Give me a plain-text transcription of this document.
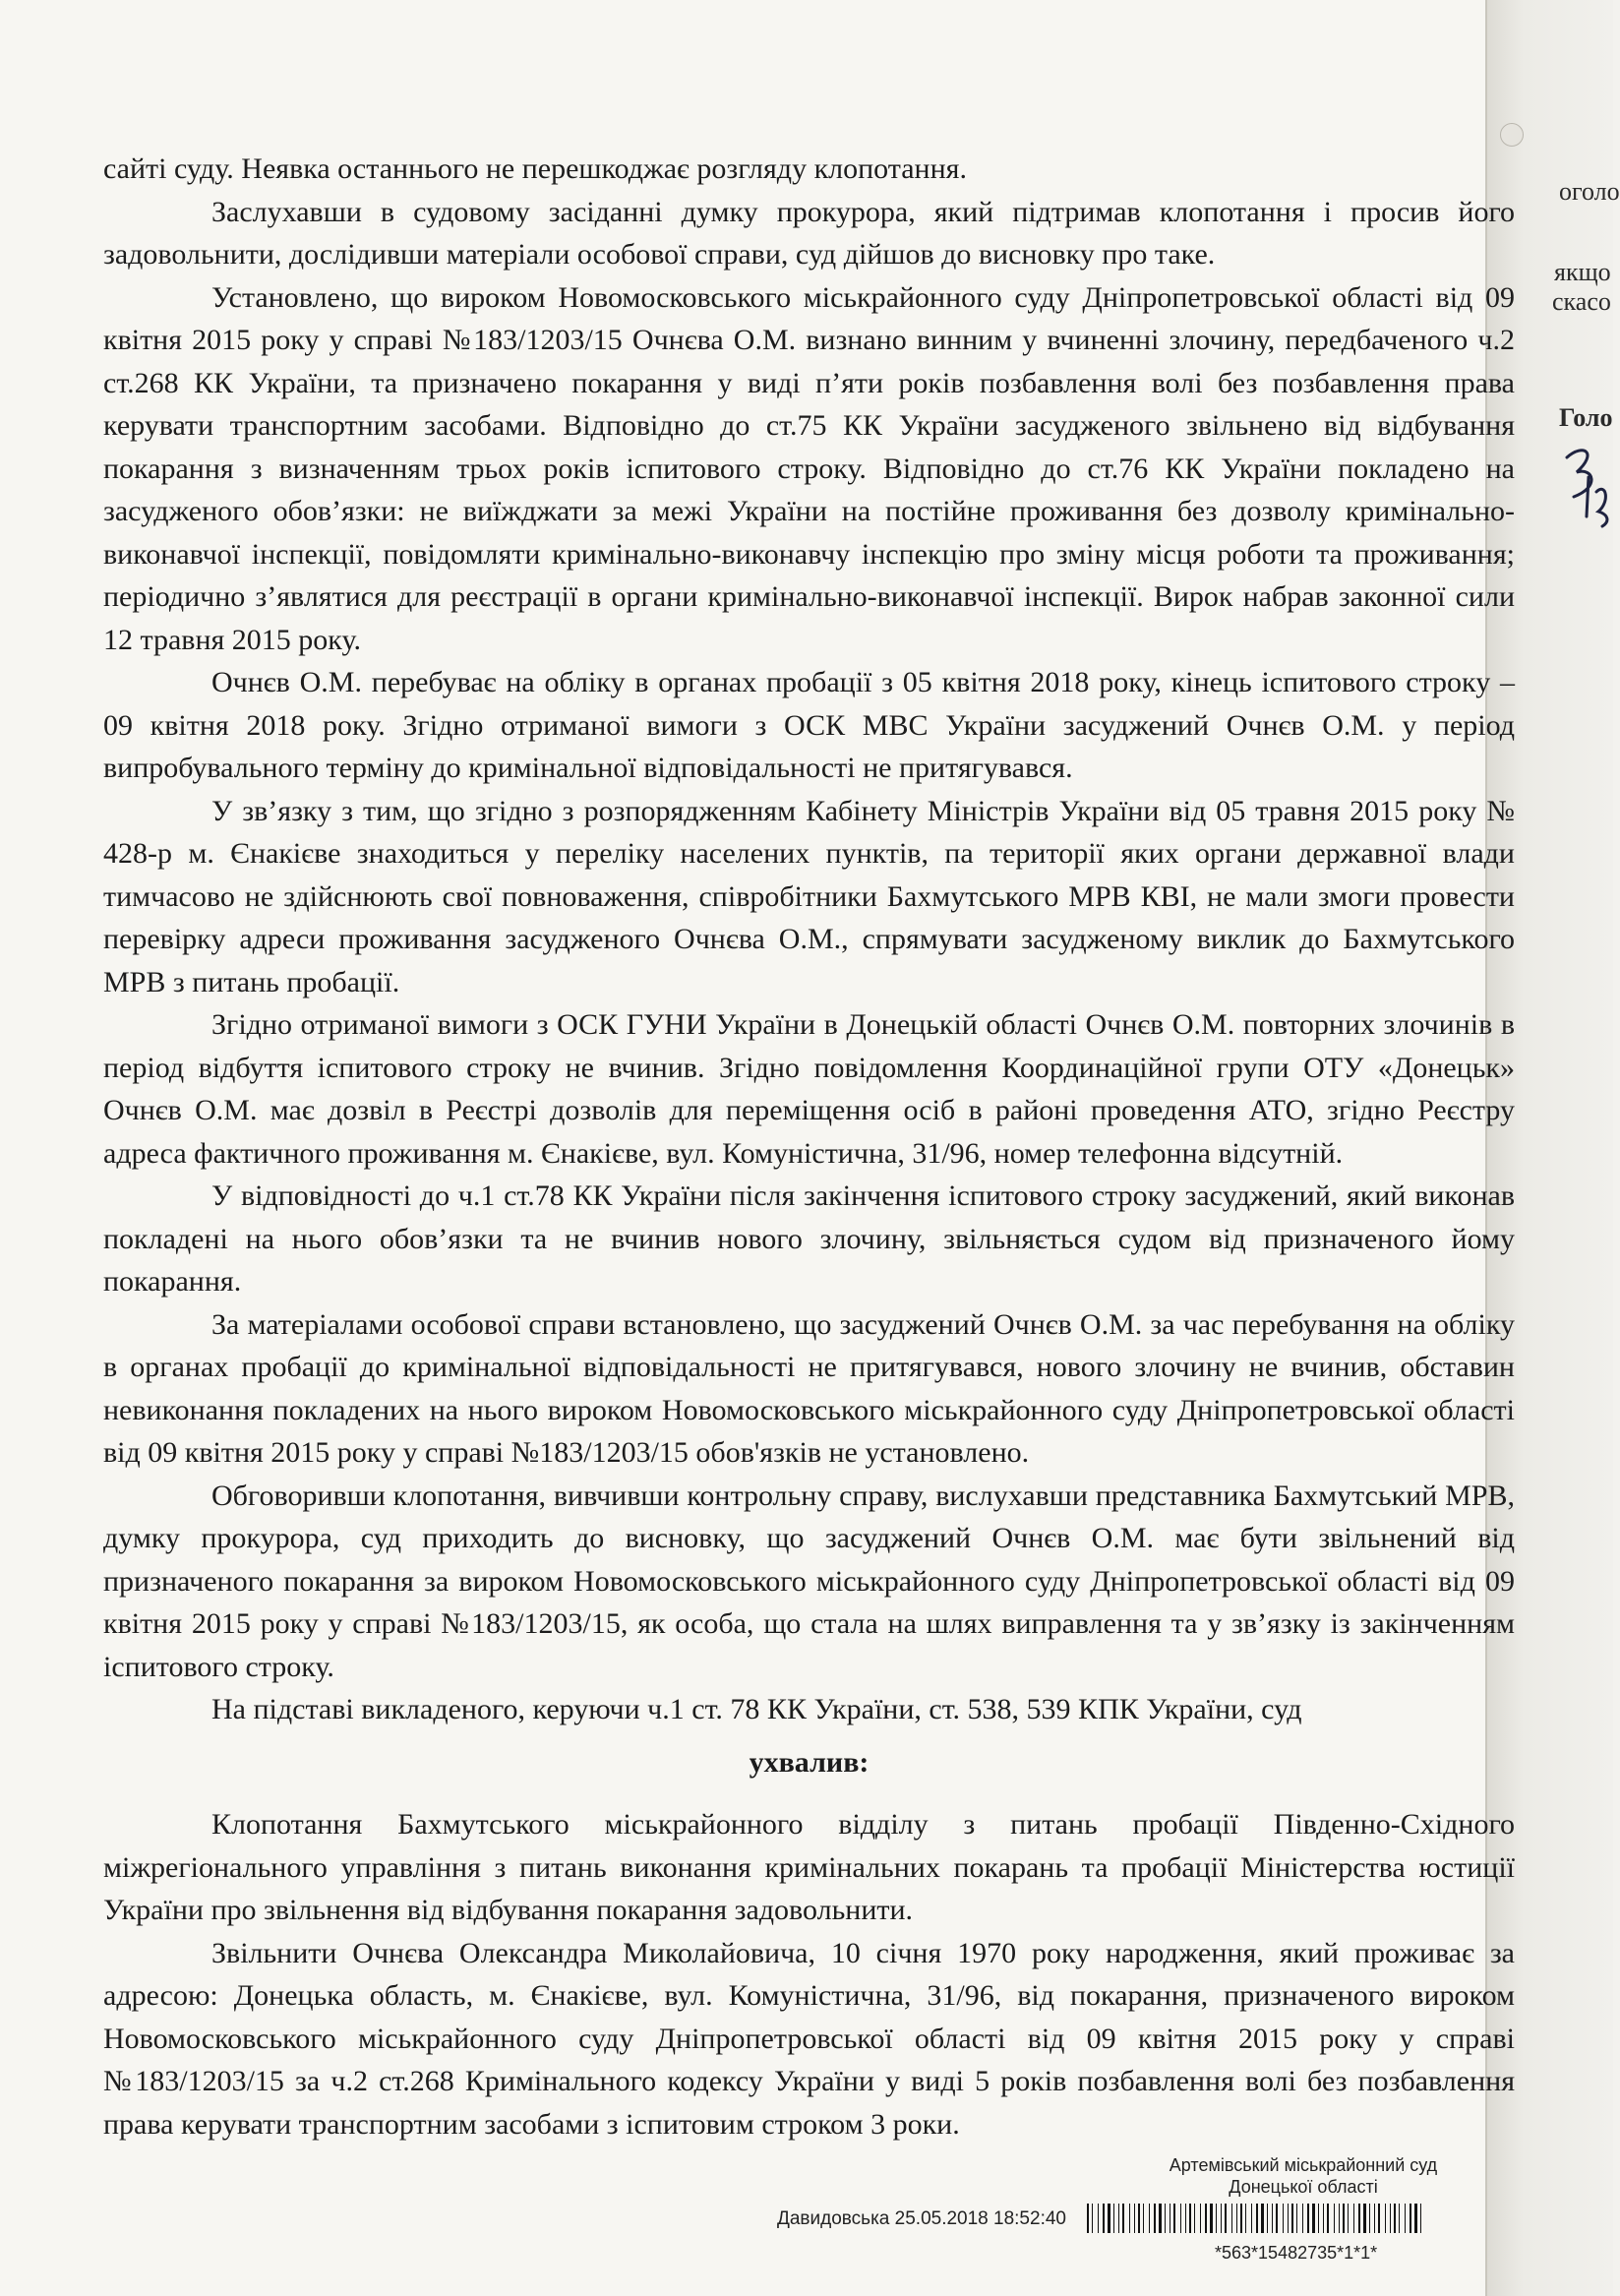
оголо
якщо
скасо
Голо

сайті суду. Неявка останнього не перешкоджає розгляду клопотання.

Заслухавши в судовому засіданні думку прокурора, який підтримав клопотання і просив його задовольнити, дослідивши матеріали особової справи, суд дійшов до висновку про таке.

Установлено, що вироком Новомосковського міськрайонного суду Дніпропетровської області від 09 квітня 2015 року у справі №183/1203/15 Очнєва О.М. визнано винним у вчиненні злочину, передбаченого ч.2 ст.268 КК України, та призначено покарання у виді п’яти років позбавлення волі без позбавлення права керувати транспортним засобами. Відповідно до ст.75 КК України засудженого звільнено від відбування покарання з визначенням трьох років іспитового строку. Відповідно до ст.76 КК України покладено на засудженого обов’язки: не виїжджати за межі України на постійне проживання без дозволу кримінально-виконавчої інспекції, повідомляти кримінально-виконавчу інспекцію про зміну місця роботи та проживання; періодично з’являтися для реєстрації в органи кримінально-виконавчої інспекції. Вирок набрав законної сили 12 травня 2015 року.

Очнєв О.М. перебуває на обліку в органах пробації з 05 квітня 2018 року, кінець іспитового строку – 09 квітня 2018 року. Згідно отриманої вимоги з ОСК МВС України засуджений Очнєв О.М. у період випробувального терміну до кримінальної відповідальності не притягувався.

У зв’язку з тим, що згідно з розпорядженням Кабінету Міністрів України від 05 травня 2015 року № 428-р м. Єнакієве знаходиться у переліку населених пунктів, па території яких органи державної влади тимчасово не здійснюють свої повноваження, співробітники Бахмутського МРВ КВІ, не мали змоги провести перевірку адреси проживання засудженого Очнєва О.М., спрямувати засудженому виклик до Бахмутського МРВ з питань пробації.

Згідно отриманої вимоги з ОСК ГУНИ України в Донецькій області Очнєв О.М. повторних злочинів в період відбуття іспитового строку не вчинив. Згідно повідомлення Координаційної групи ОТУ «Донецьк» Очнєв О.М. має дозвіл в Реєстрі дозволів для переміщення осіб в районі проведення АТО, згідно Реєстру адреса фактичного проживання м. Єнакієве, вул. Комуністична, 31/96, номер телефонна відсутній.

У відповідності до ч.1 ст.78 КК України після закінчення іспитового строку засуджений, який виконав покладені на нього обов’язки та не вчинив нового злочину, звільняється судом від призначеного йому покарання.

За матеріалами особової справи встановлено, що засуджений Очнєв О.М. за час перебування на обліку в органах пробації до кримінальної відповідальності не притягувався, нового злочину не вчинив, обставин невиконання покладених на нього вироком Новомосковського міськрайонного суду Дніпропетровської області від 09 квітня 2015 року у справі №183/1203/15 обов'язків не установлено.

Обговоривши клопотання, вивчивши контрольну справу, вислухавши представника Бахмутський МРВ, думку прокурора, суд приходить до висновку, що засуджений Очнєв О.М. має бути звільнений від призначеного покарання за вироком Новомосковського міськрайонного суду Дніпропетровської області від 09 квітня 2015 року у справі №183/1203/15, як особа, що стала на шлях виправлення та у зв’язку із закінченням іспитового строку.

На підставі викладеного, керуючи ч.1 ст. 78 КК України, ст. 538, 539 КПК України, суд

ухвалив:

Клопотання Бахмутського міськрайонного відділу з питань пробації Південно-Східного міжрегіонального управління з питань виконання кримінальних покарань та пробації Міністерства юстиції України про звільнення від відбування покарання задовольнити.

Звільнити Очнєва Олександра Миколайовича, 10 січня 1970 року народження, який проживає за адресою: Донецька область, м. Єнакієве, вул. Комуністична, 31/96, від покарання, призначеного вироком Новомосковського міськрайонного суду Дніпропетровської області від 09 квітня 2015 року у справі №183/1203/15 за ч.2 ст.268 Кримінального кодексу України у виді 5 років позбавлення волі без позбавлення права керувати транспортним засобами з іспитовим строком 3 роки.

Артемівський міськрайонний суд
Донецької області
Давидовська 25.05.2018 18:52:40
*563*15482735*1*1*
